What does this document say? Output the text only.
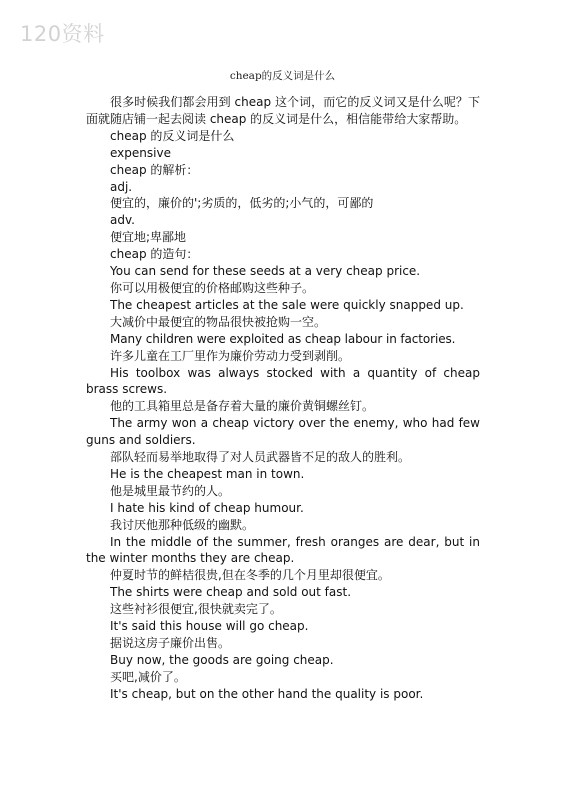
120资料
cheap的反义词是什么

很多时候我们都会用到 cheap 这个词，而它的反义词又是什么呢？下面就随店铺一起去阅读 cheap 的反义词是什么，相信能带给大家帮助。

cheap 的反义词是什么

expensive

cheap 的解析：

adj.

便宜的，廉价的';劣质的，低劣的;小气的，可鄙的

adv.

便宜地;卑鄙地

cheap 的造句：

You can send for these seeds at a very cheap price.

你可以用极便宜的价格邮购这些种子。

The cheapest articles at the sale were quickly snapped up.

大减价中最便宜的物品很快被抢购一空。

Many children were exploited as cheap labour in factories.

许多儿童在工厂里作为廉价劳动力受到剥削。

His toolbox was always stocked with a quantity of cheap brass screws.

他的工具箱里总是备存着大量的廉价黄铜螺丝钉。

The army won a cheap victory over the enemy, who had few guns and soldiers.

部队轻而易举地取得了对人员武器皆不足的敌人的胜利。

He is the cheapest man in town.

他是城里最节约的人。

I hate his kind of cheap humour.

我讨厌他那种低级的幽默。

In the middle of the summer, fresh oranges are dear, but in the winter months they are cheap.

仲夏时节的鲜桔很贵,但在冬季的几个月里却很便宜。

The shirts were cheap and sold out fast.

这些衬衫很便宜,很快就卖完了。

It's said this house will go cheap.

据说这房子廉价出售。

Buy now, the goods are going cheap.

买吧,减价了。

It's cheap, but on the other hand the quality is poor.
